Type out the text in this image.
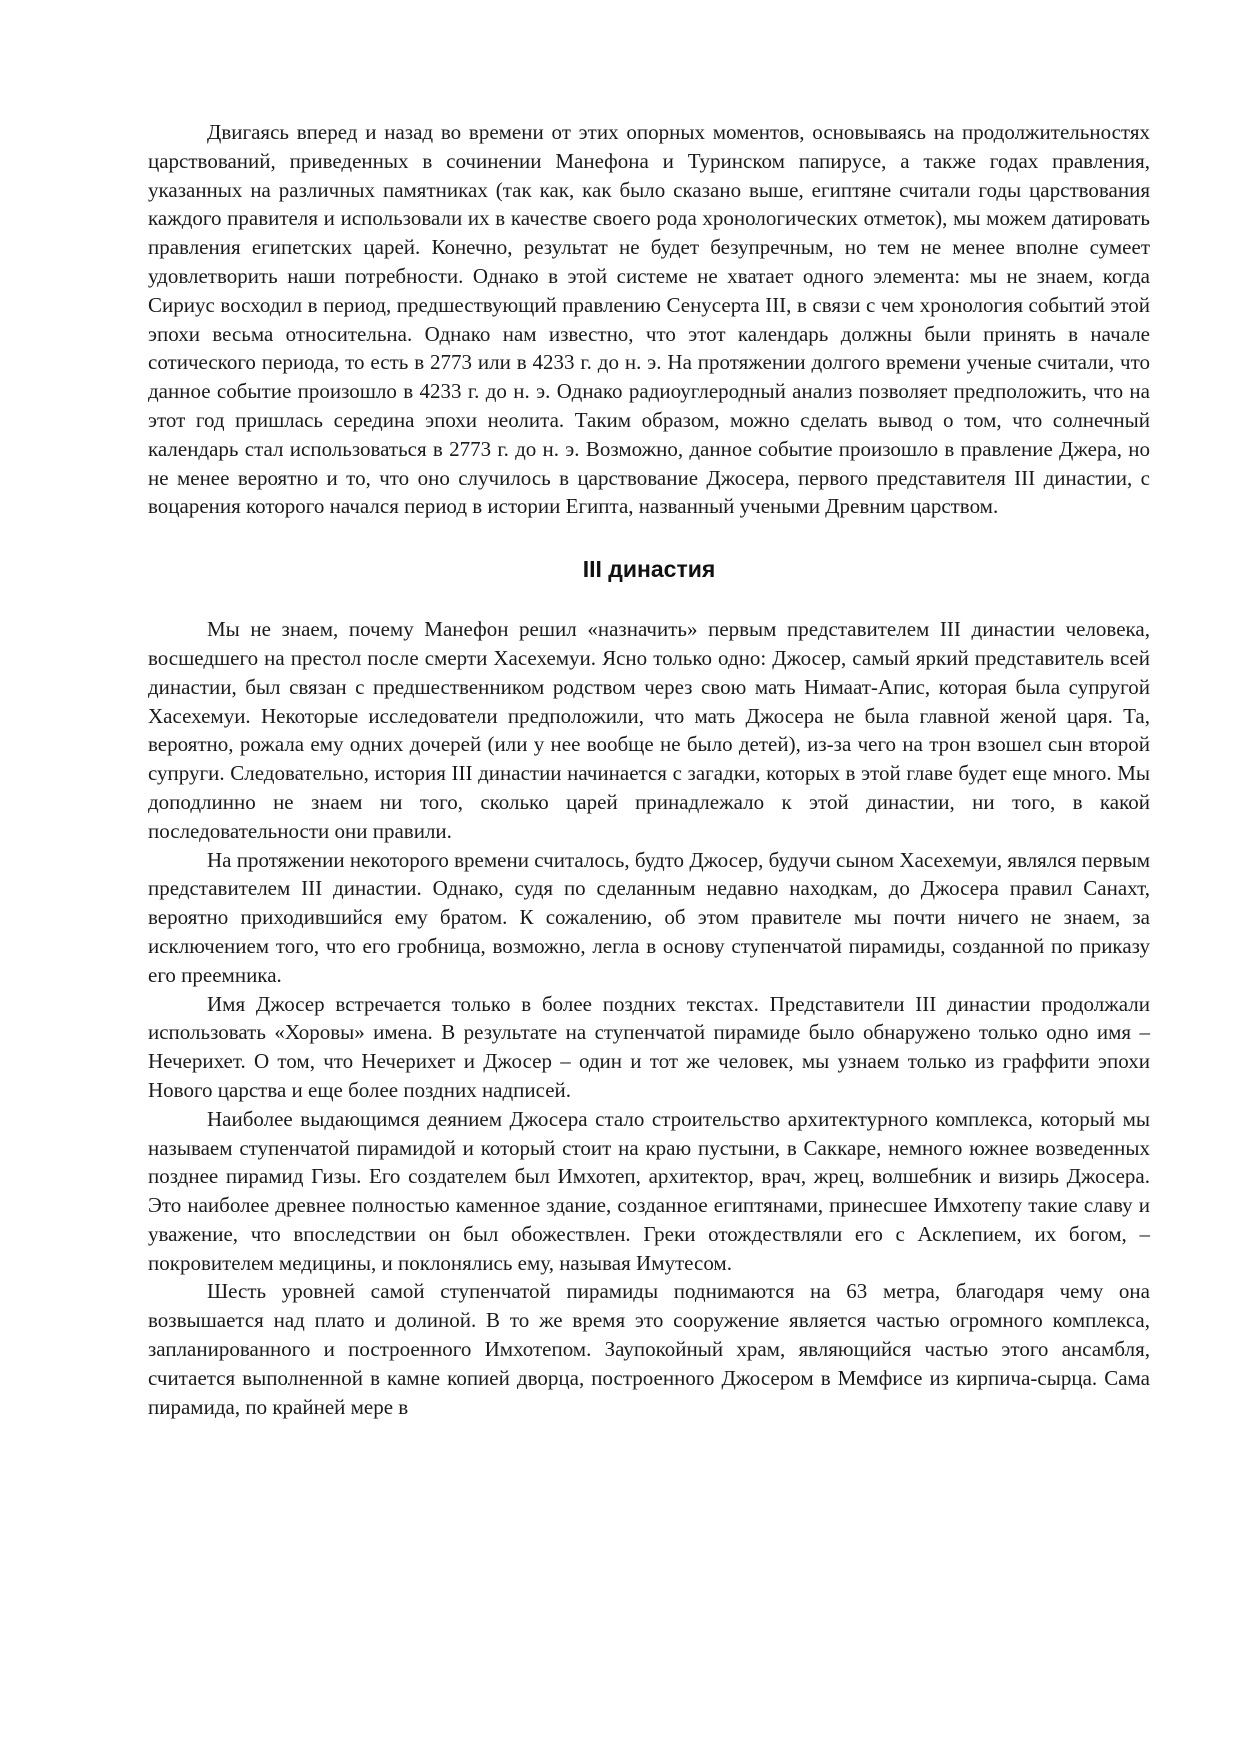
Двигаясь вперед и назад во времени от этих опорных моментов, основываясь на продолжительностях царствований, приведенных в сочинении Манефона и Туринском папирусе, а также годах правления, указанных на различных памятниках (так как, как было сказано выше, египтяне считали годы царствования каждого правителя и использовали их в качестве своего рода хронологических отметок), мы можем датировать правления египетских царей. Конечно, результат не будет безупречным, но тем не менее вполне сумеет удовлетворить наши потребности. Однако в этой системе не хватает одного элемента: мы не знаем, когда Сириус восходил в период, предшествующий правлению Сенусерта III, в связи с чем хронология событий этой эпохи весьма относительна. Однако нам известно, что этот календарь должны были принять в начале сотического периода, то есть в 2773 или в 4233 г. до н. э. На протяжении долгого времени ученые считали, что данное событие произошло в 4233 г. до н. э. Однако радиоуглеродный анализ позволяет предположить, что на этот год пришлась середина эпохи неолита. Таким образом, можно сделать вывод о том, что солнечный календарь стал использоваться в 2773 г. до н. э. Возможно, данное событие произошло в правление Джера, но не менее вероятно и то, что оно случилось в царствование Джосера, первого представителя III династии, с воцарения которого начался период в истории Египта, названный учеными Древним царством.

III династия

Мы не знаем, почему Манефон решил «назначить» первым представителем III династии человека, восшедшего на престол после смерти Хасехемуи. Ясно только одно: Джосер, самый яркий представитель всей династии, был связан с предшественником родством через свою мать Нимаат-Апис, которая была супругой Хасехемуи. Некоторые исследователи предположили, что мать Джосера не была главной женой царя. Та, вероятно, рожала ему одних дочерей (или у нее вообще не было детей), из-за чего на трон взошел сын второй супруги. Следовательно, история III династии начинается с загадки, которых в этой главе будет еще много. Мы доподлинно не знаем ни того, сколько царей принадлежало к этой династии, ни того, в какой последовательности они правили.

На протяжении некоторого времени считалось, будто Джосер, будучи сыном Хасехемуи, являлся первым представителем III династии. Однако, судя по сделанным недавно находкам, до Джосера правил Санахт, вероятно приходившийся ему братом. К сожалению, об этом правителе мы почти ничего не знаем, за исключением того, что его гробница, возможно, легла в основу ступенчатой пирамиды, созданной по приказу его преемника.

Имя Джосер встречается только в более поздних текстах. Представители III династии продолжали использовать «Хоровы» имена. В результате на ступенчатой пирамиде было обнаружено только одно имя – Нечерихет. О том, что Нечерихет и Джосер – один и тот же человек, мы узнаем только из граффити эпохи Нового царства и еще более поздних надписей.

Наиболее выдающимся деянием Джосера стало строительство архитектурного комплекса, который мы называем ступенчатой пирамидой и который стоит на краю пустыни, в Саккаре, немного южнее возведенных позднее пирамид Гизы. Его создателем был Имхотеп, архитектор, врач, жрец, волшебник и визирь Джосера. Это наиболее древнее полностью каменное здание, созданное египтянами, принесшее Имхотепу такие славу и уважение, что впоследствии он был обожествлен. Греки отождествляли его с Асклепием, их богом, – покровителем медицины, и поклонялись ему, называя Имутесом.

Шесть уровней самой ступенчатой пирамиды поднимаются на 63 метра, благодаря чему она возвышается над плато и долиной. В то же время это сооружение является частью огромного комплекса, запланированного и построенного Имхотепом. Заупокойный храм, являющийся частью этого ансамбля, считается выполненной в камне копией дворца, построенного Джосером в Мемфисе из кирпича-сырца. Сама пирамида, по крайней мере в
